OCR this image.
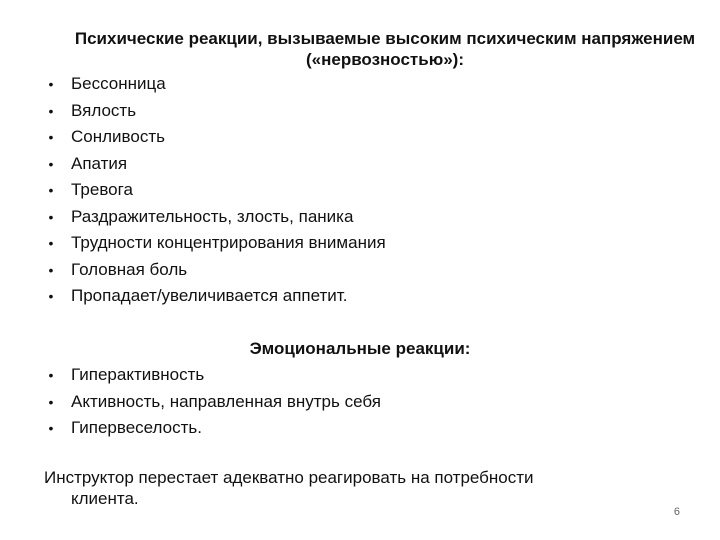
Психические реакции, вызываемые высоким психическим напряжением («нервозностью»):
• Бессонница
• Вялость
• Сонливость
• Апатия
• Тревога
• Раздражительность, злость, паника
• Трудности концентрирования внимания
• Головная боль
• Пропадает/увеличивается аппетит.
Эмоциональные реакции:
• Гиперактивность
• Активность, направленная внутрь себя
• Гипервеселость.
Инструктор перестает адекватно реагировать на потребности
клиента.
6
